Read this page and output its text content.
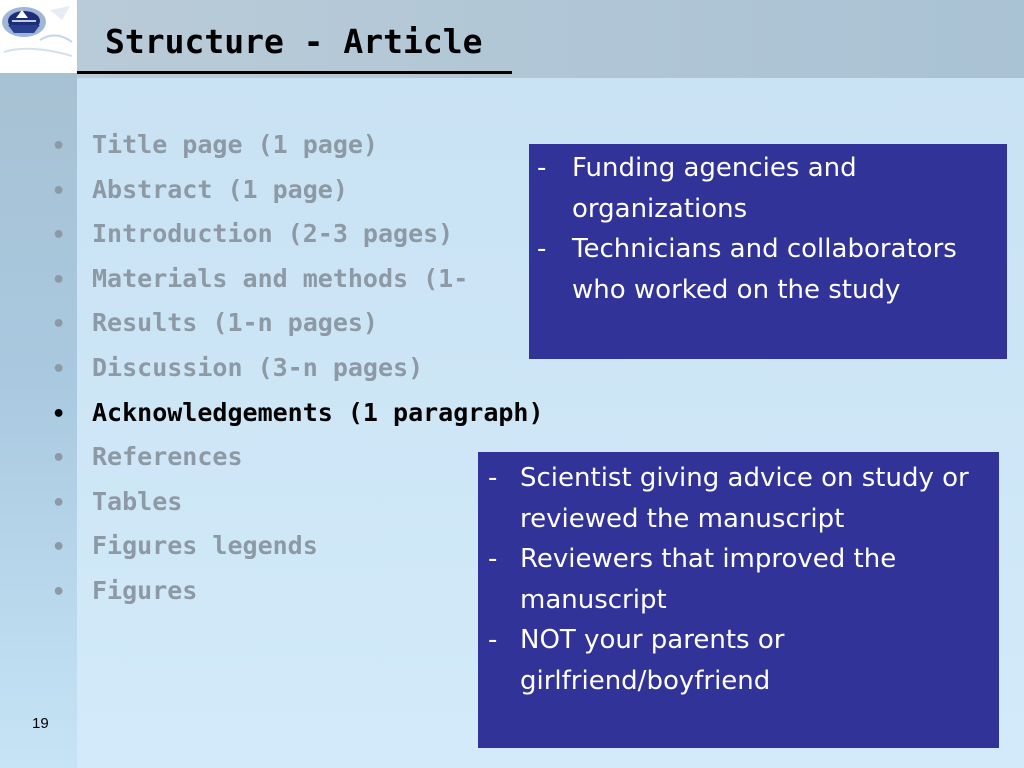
Structure - Article
•	Title page (1 page)
•	Abstract (1 page)
•	Introduction (2-3 pages)
•	Materials and methods (1-
•	Results (1-n pages)
•	Discussion (3-n pages)
•	Acknowledgements (1 paragraph)
•	References
•	Tables
•	Figures legends
•	Figures
- Funding agencies and organizations
- Technicians and collaborators who worked on the study
- Scientist giving advice on study or reviewed the manuscript
- Reviewers that improved the manuscript
- NOT your parents or girlfriend/boyfriend
19
